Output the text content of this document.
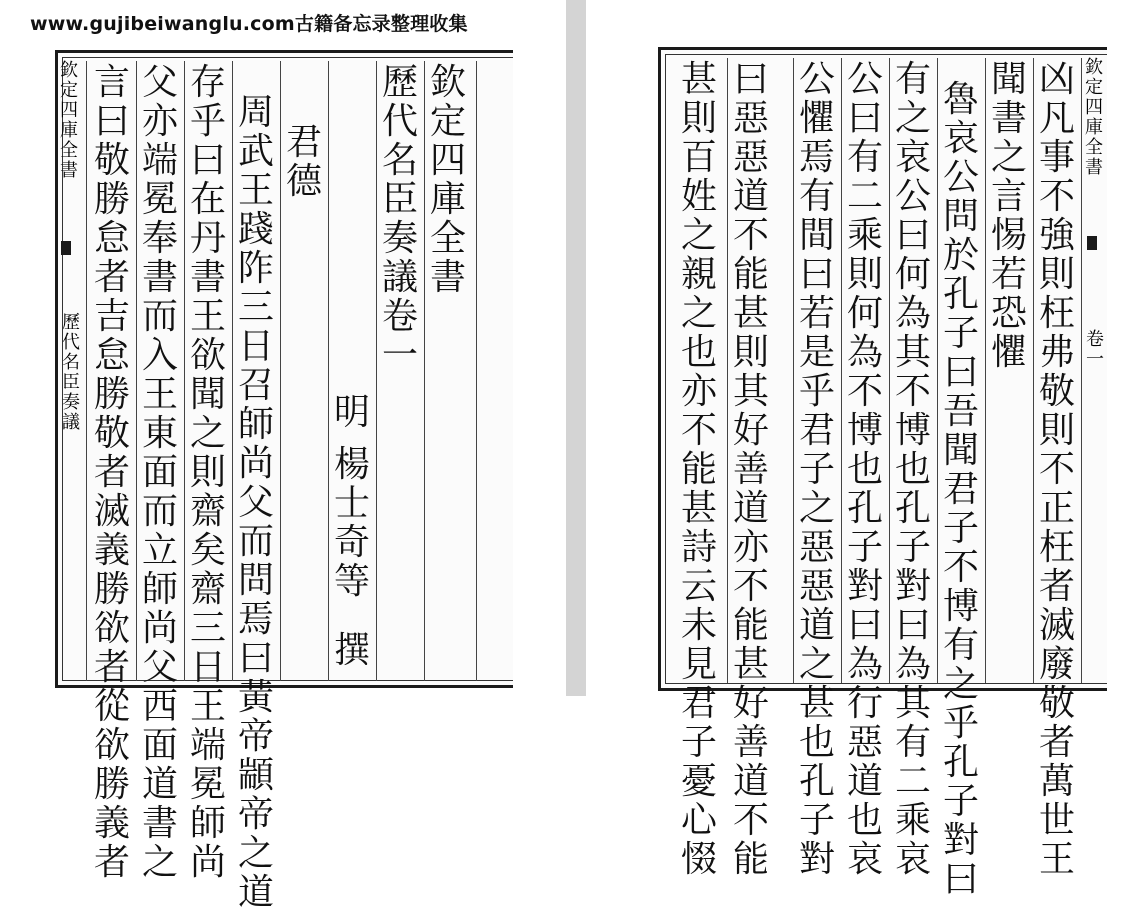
www.gujibeiwanglu.com古籍备忘录整理收集
欽
定
四
庫
全
書
歷
代
名
臣
奏
議
欽
定
四
庫
全
書
歷
代
名
臣
奏
議
卷
一
明
楊
士
奇
等

撰
君
德
周
武
王
踐
阼
三
日
召
師
尚
父
而
問
焉
曰
黃
帝
顓
帝
之
道
存
乎
曰
在
丹
書
王
欲
聞
之
則
齋
矣
齋
三
日
王
端
冕
師
尚
父
亦
端
冕
奉
書
而
入
王
東
面
而
立
師
尚
父
西
面
道
書
之
言
曰
敬
勝
怠
者
吉
怠
勝
敬
者
滅
義
勝
欲
者
從
欲
勝
義
者
凶
凡
事
不
強
則
枉
弗
敬
則
不
正
枉
者
滅
廢
敬
者
萬
世
王
聞
書
之
言
惕
若
恐
懼
魯
哀
公
問
於
孔
子
曰
吾
聞
君
子
不
博
有
之
乎
孔
子
對
曰
有
之
哀
公
曰
何
為
其
不
博
也
孔
子
對
曰
為
其
有
二
乘
哀
公
曰
有
二
乘
則
何
為
不
博
也
孔
子
對
曰
為
行
惡
道
也
哀
公
懼
焉
有
間
曰
若
是
乎
君
子
之
惡
惡
道
之
甚
也
孔
子
對
曰
惡
惡
道
不
能
甚
則
其
好
善
道
亦
不
能
甚
好
善
道
不
能
甚
則
百
姓
之
親
之
也
亦
不
能
甚
詩
云
未
見
君
子
憂
心
惙
欽
定
四
庫
全
書
卷
一
